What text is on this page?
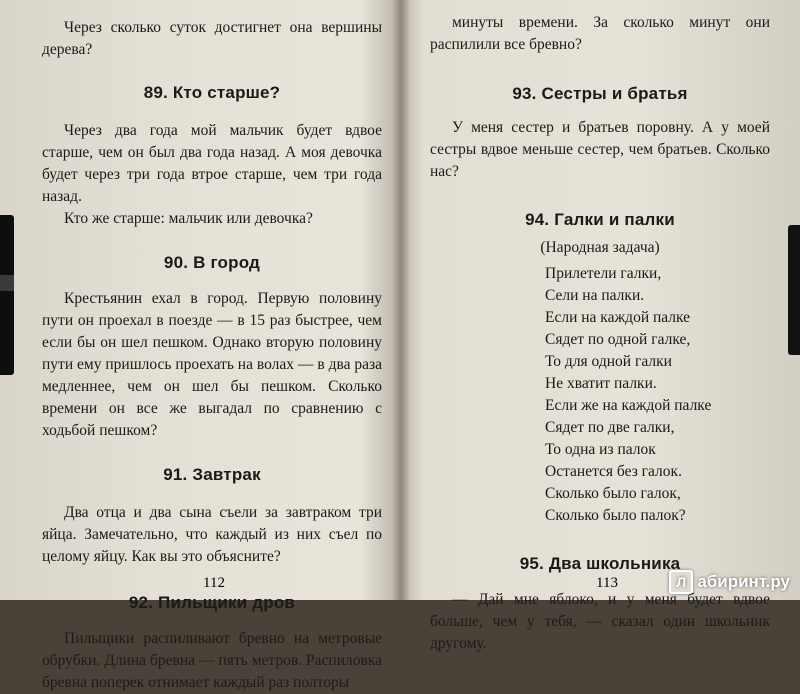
Через сколько суток достигнет она вершины дерева?

89. Кто старше?

Через два года мой мальчик будет вдвое старше, чем он был два года назад. А моя девочка будет через три года втрое старше, чем три года назад.

Кто же старше: мальчик или девочка?

90. В город

Крестьянин ехал в город. Первую половину пути он проехал в поезде — в 15 раз быстрее, чем если бы он шел пешком. Однако вторую половину пути ему пришлось проехать на волах — в два раза медленнее, чем он шел бы пешком. Сколько времени он все же выгадал по сравнению с ходьбой пешком?

91. Завтрак

Два отца и два сына съели за завтраком три яйца. Замечательно, что каждый из них съел по целому яйцу. Как вы это объясните?

92. Пильщики дров

Пильщики распиливают бревно на метровые обрубки. Длина бревна — пять метров. Распиловка бревна поперек отнимает каждый раз полторы

112

минуты времени. За сколько минут они распилили все бревно?

93. Сестры и братья

У меня сестер и братьев поровну. А у моей сестры вдвое меньше сестер, чем братьев. Сколько нас?

94. Галки и палки

(Народная задача)

Прилетели галки,
Сели на палки.
Если на каждой палке
Сядет по одной галке,
То для одной галки
Не хватит палки.
Если же на каждой палке
Сядет по две галки,
То одна из палок
Останется без галок.
Сколько было галок,
Сколько было палок?
95. Два школьника

— Дай мне яблоко, и у меня будет вдвое больше, чем у тебя, — сказал один школьник другому.

113	Л абиринт.ру
